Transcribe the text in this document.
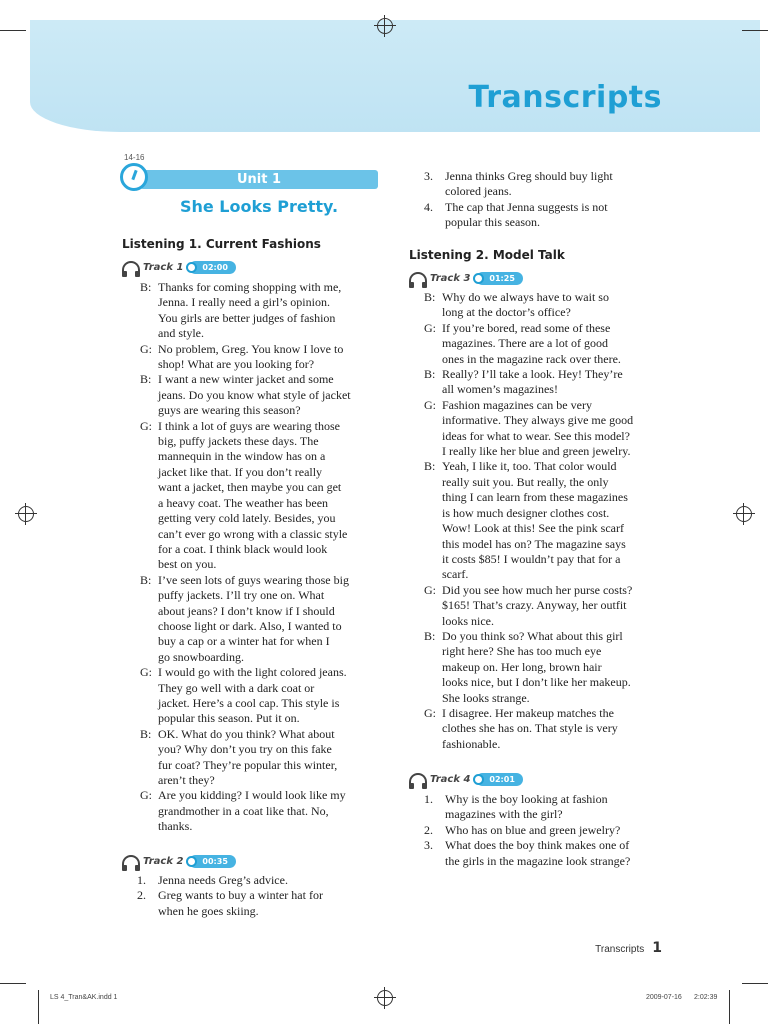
Transcripts
14-16
Unit 1
She Looks Pretty.
Listening 1. Current Fashions
Track 1 02:00
B: Thanks for coming shopping with me,
Jenna. I really need a girl’s opinion.
You girls are better judges of fashion
and style.
G: No problem, Greg. You know I love to
shop! What are you looking for?
B: I want a new winter jacket and some
jeans. Do you know what style of jacket
guys are wearing this season?
G: I think a lot of guys are wearing those
big, puffy jackets these days. The
mannequin in the window has on a
jacket like that. If you don’t really
want a jacket, then maybe you can get
a heavy coat. The weather has been
getting very cold lately. Besides, you
can’t ever go wrong with a classic style
for a coat. I think black would look
best on you.
B: I’ve seen lots of guys wearing those big
puffy jackets. I’ll try one on. What
about jeans? I don’t know if I should
choose light or dark. Also, I wanted to
buy a cap or a winter hat for when I
go snowboarding.
G: I would go with the light colored jeans.
They go well with a dark coat or
jacket. Here’s a cool cap. This style is
popular this season. Put it on.
B: OK. What do you think? What about
you? Why don’t you try on this fake
fur coat? They’re popular this winter,
aren’t they?
G: Are you kidding? I would look like my
grandmother in a coat like that. No,
thanks.
Track 2 00:35
1.	Jenna needs Greg’s advice.
2.	Greg wants to buy a winter hat for
when he goes skiing.
3.	Jenna thinks Greg should buy light
colored jeans.
4.	The cap that Jenna suggests is not
popular this season.
Listening 2. Model Talk
Track 3 01:25
B: Why do we always have to wait so
long at the doctor’s office?
G: If you’re bored, read some of these
magazines. There are a lot of good
ones in the magazine rack over there.
B: Really? I’ll take a look. Hey! They’re
all women’s magazines!
G: Fashion magazines can be very
informative. They always give me good
ideas for what to wear. See this model?
I really like her blue and green jewelry.
B: Yeah, I like it, too. That color would
really suit you. But really, the only
thing I can learn from these magazines
is how much designer clothes cost.
Wow! Look at this! See the pink scarf
this model has on? The magazine says
it costs $85! I wouldn’t pay that for a
scarf.
G: Did you see how much her purse costs?
$165! That’s crazy. Anyway, her outfit
looks nice.
B: Do you think so? What about this girl
right here? She has too much eye
makeup on. Her long, brown hair
looks nice, but I don’t like her makeup.
She looks strange.
G: I disagree. Her makeup matches the
clothes she has on. That style is very
fashionable.
Track 4 02:01
1.	Why is the boy looking at fashion
magazines with the girl?
2.	Who has on blue and green jewelry?
3.	What does the boy think makes one of
the girls in the magazine look strange?
Transcripts 1
LS 4_Tran&AK.indd 1	2009-07-16 2:02:39
